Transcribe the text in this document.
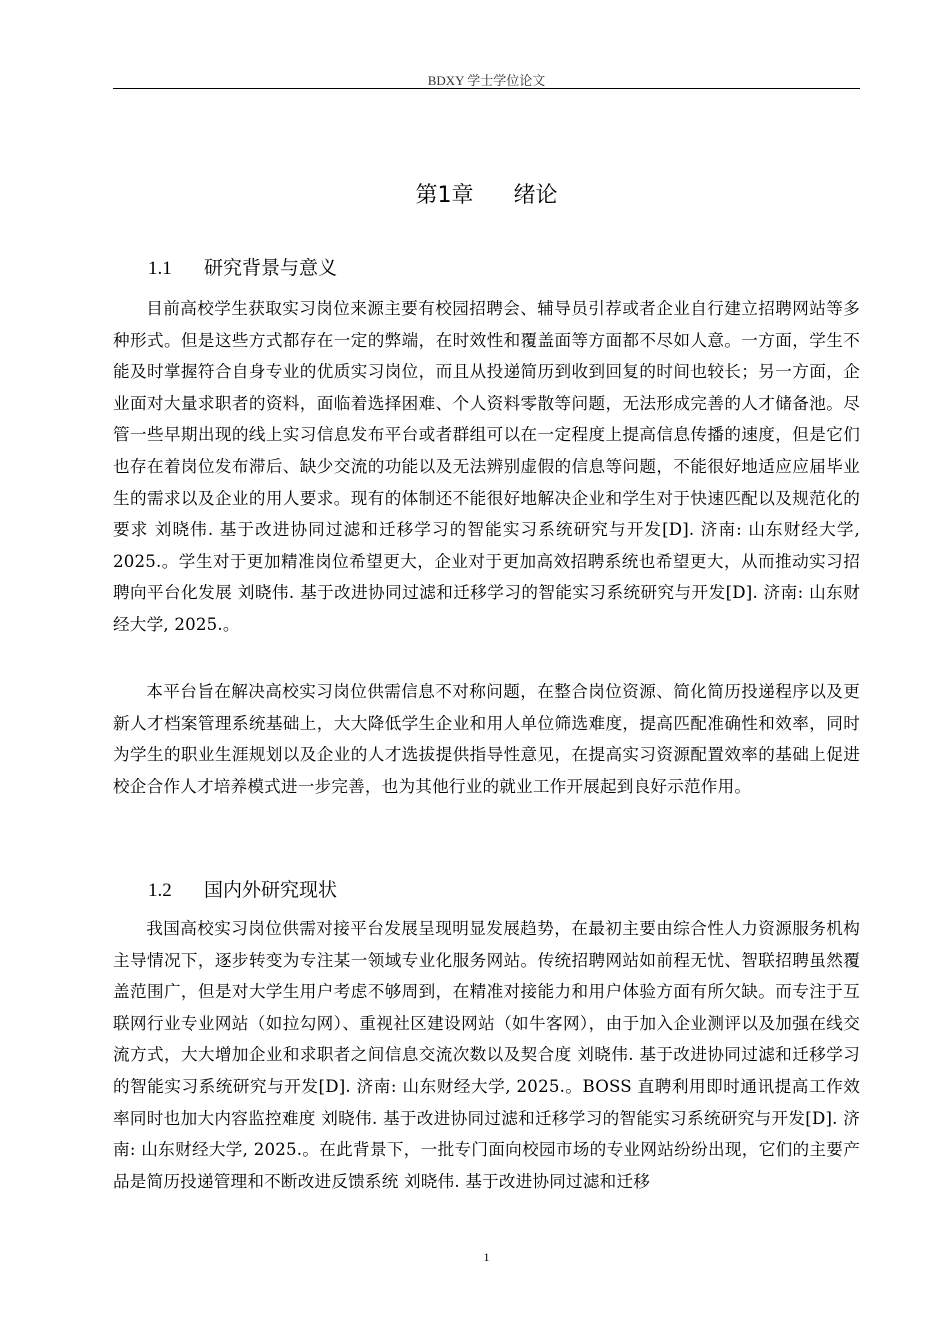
BDXY 学士学位论文
第1章 绪论
1.1 研究背景与意义

目前高校学生获取实习岗位来源主要有校园招聘会、辅导员引荐或者企业自行建立招聘网站等多种形式。但是这些方式都存在一定的弊端，在时效性和覆盖面等方面都不尽如人意。一方面，学生不能及时掌握符合自身专业的优质实习岗位，而且从投递简历到收到回复的时间也较长；另一方面，企业面对大量求职者的资料，面临着选择困难、个人资料零散等问题，无法形成完善的人才储备池。尽管一些早期出现的线上实习信息发布平台或者群组可以在一定程度上提高信息传播的速度，但是它们也存在着岗位发布滞后、缺少交流的功能以及无法辨别虚假的信息等问题，不能很好地适应应届毕业生的需求以及企业的用人要求。现有的体制还不能很好地解决企业和学生对于快速匹配以及规范化的要求 刘晓伟. 基于改进协同过滤和迁移学习的智能实习系统研究与开发[D]. 济南: 山东财经大学, 2025.。学生对于更加精准岗位希望更大，企业对于更加高效招聘系统也希望更大，从而推动实习招聘向平台化发展 刘晓伟. 基于改进协同过滤和迁移学习的智能实习系统研究与开发[D]. 济南: 山东财经大学, 2025.。

本平台旨在解决高校实习岗位供需信息不对称问题，在整合岗位资源、简化简历投递程序以及更新人才档案管理系统基础上，大大降低学生企业和用人单位筛选难度，提高匹配准确性和效率，同时为学生的职业生涯规划以及企业的人才选拔提供指导性意见，在提高实习资源配置效率的基础上促进校企合作人才培养模式进一步完善，也为其他行业的就业工作开展起到良好示范作用。

1.2 国内外研究现状

我国高校实习岗位供需对接平台发展呈现明显发展趋势，在最初主要由综合性人力资源服务机构主导情况下，逐步转变为专注某一领域专业化服务网站。传统招聘网站如前程无忧、智联招聘虽然覆盖范围广，但是对大学生用户考虑不够周到，在精准对接能力和用户体验方面有所欠缺。而专注于互联网行业专业网站（如拉勾网）、重视社区建设网站（如牛客网），由于加入企业测评以及加强在线交流方式，大大增加企业和求职者之间信息交流次数以及契合度 刘晓伟. 基于改进协同过滤和迁移学习的智能实习系统研究与开发[D]. 济南: 山东财经大学, 2025.。BOSS 直聘利用即时通讯提高工作效率同时也加大内容监控难度 刘晓伟. 基于改进协同过滤和迁移学习的智能实习系统研究与开发[D]. 济南: 山东财经大学, 2025.。在此背景下，一批专门面向校园市场的专业网站纷纷出现，它们的主要产品是简历投递管理和不断改进反馈系统 刘晓伟. 基于改进协同过滤和迁移

1
